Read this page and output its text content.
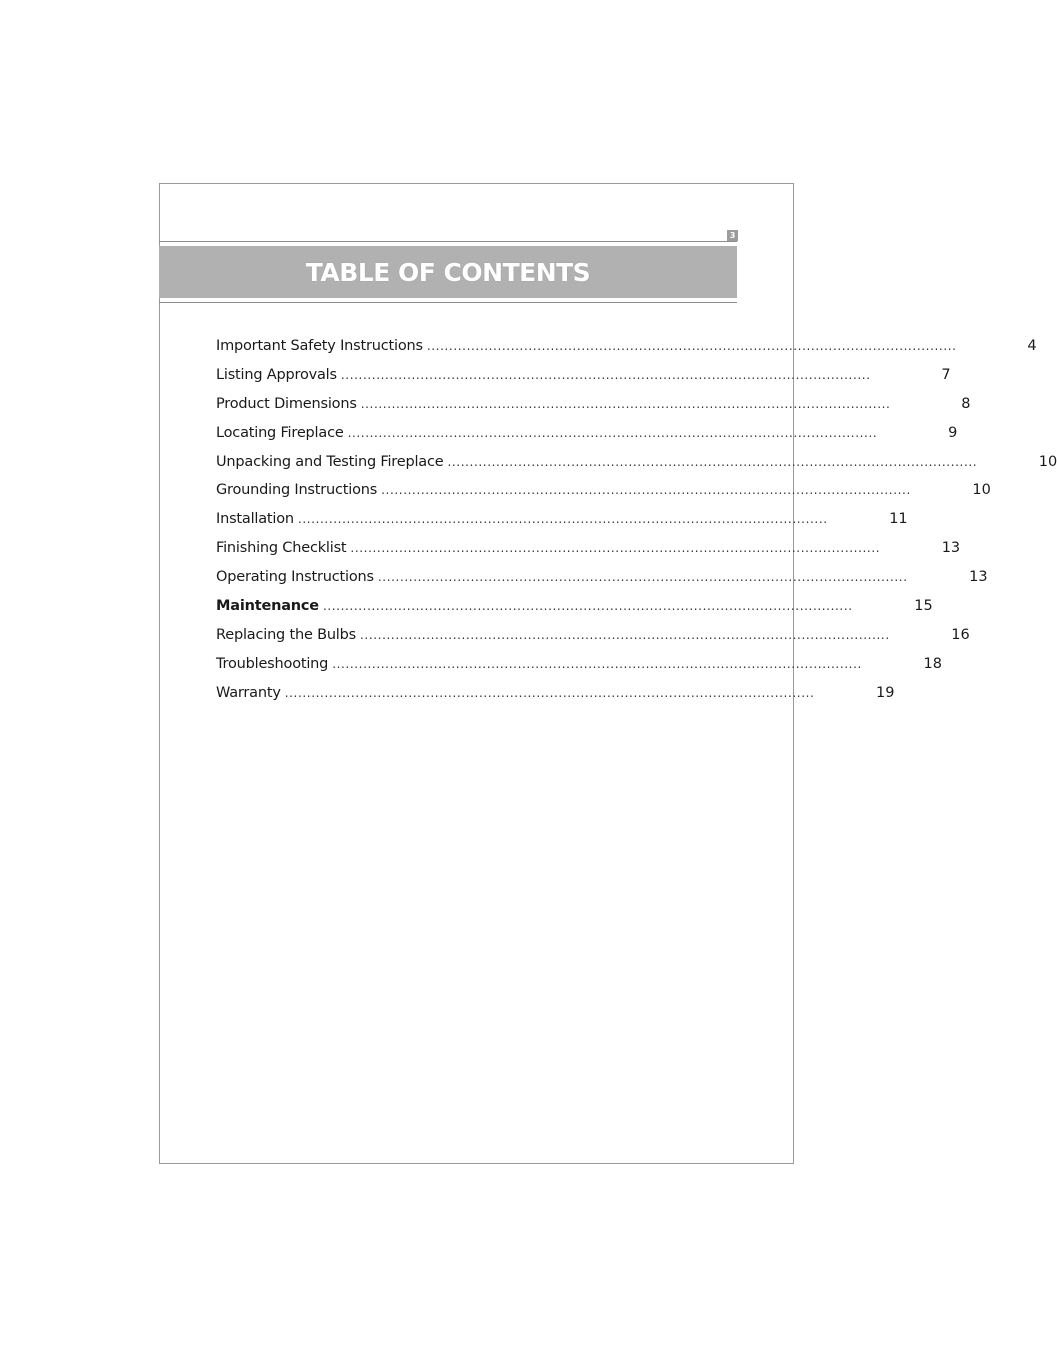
3
TABLE OF CONTENTS
Important Safety Instructions ........................................................................................................................	4
Listing Approvals ........................................................................................................................	7
Product Dimensions ........................................................................................................................	8
Locating Fireplace ........................................................................................................................	9
Unpacking and Testing Fireplace ........................................................................................................................	10
Grounding Instructions ........................................................................................................................	10
Installation ........................................................................................................................	11
Finishing Checklist ........................................................................................................................	13
Operating Instructions ........................................................................................................................	13
Maintenance ........................................................................................................................	15
Replacing the Bulbs ........................................................................................................................	16
Troubleshooting ........................................................................................................................	18
Warranty ........................................................................................................................	19
